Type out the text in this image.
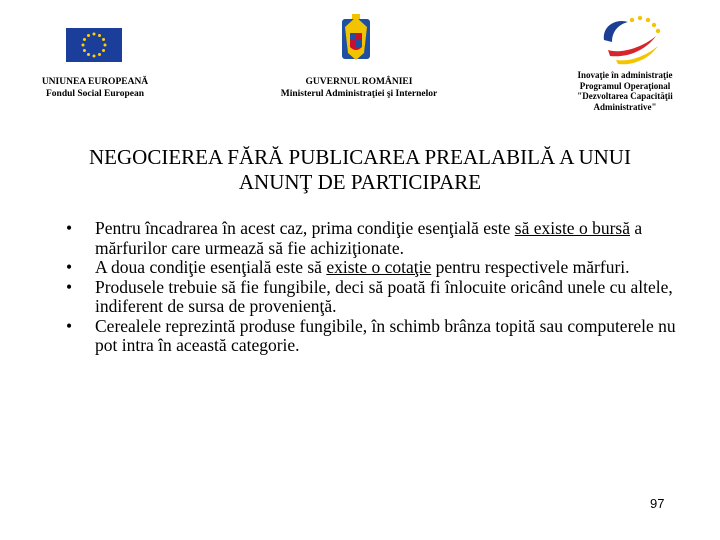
UNIUNEA EUROPEANĂ
Fondul Social European
GUVERNUL ROMÂNIEI
Ministerul Administraţiei şi Internelor
Inovaţie în administraţie
Programul Operaţional
"Dezvoltarea Capacităţii
Administrative"
NEGOCIEREA FĂRĂ PUBLICAREA PREALABILĂ A UNUI
ANUNŢ DE PARTICIPARE
• Pentru încadrarea în acest caz, prima condiţie esenţială este să existe o bursă a mărfurilor care urmează să fie achiziţionate.
• A doua condiţie esenţială este să existe o cotaţie pentru respectivele mărfuri.
• Produsele trebuie să fie fungibile, deci să poată fi înlocuite oricând unele cu altele, indiferent de sursa de provenienţă.
• Cerealele reprezintă produse fungibile, în schimb brânza topită sau computerele nu pot intra în această categorie.
97
